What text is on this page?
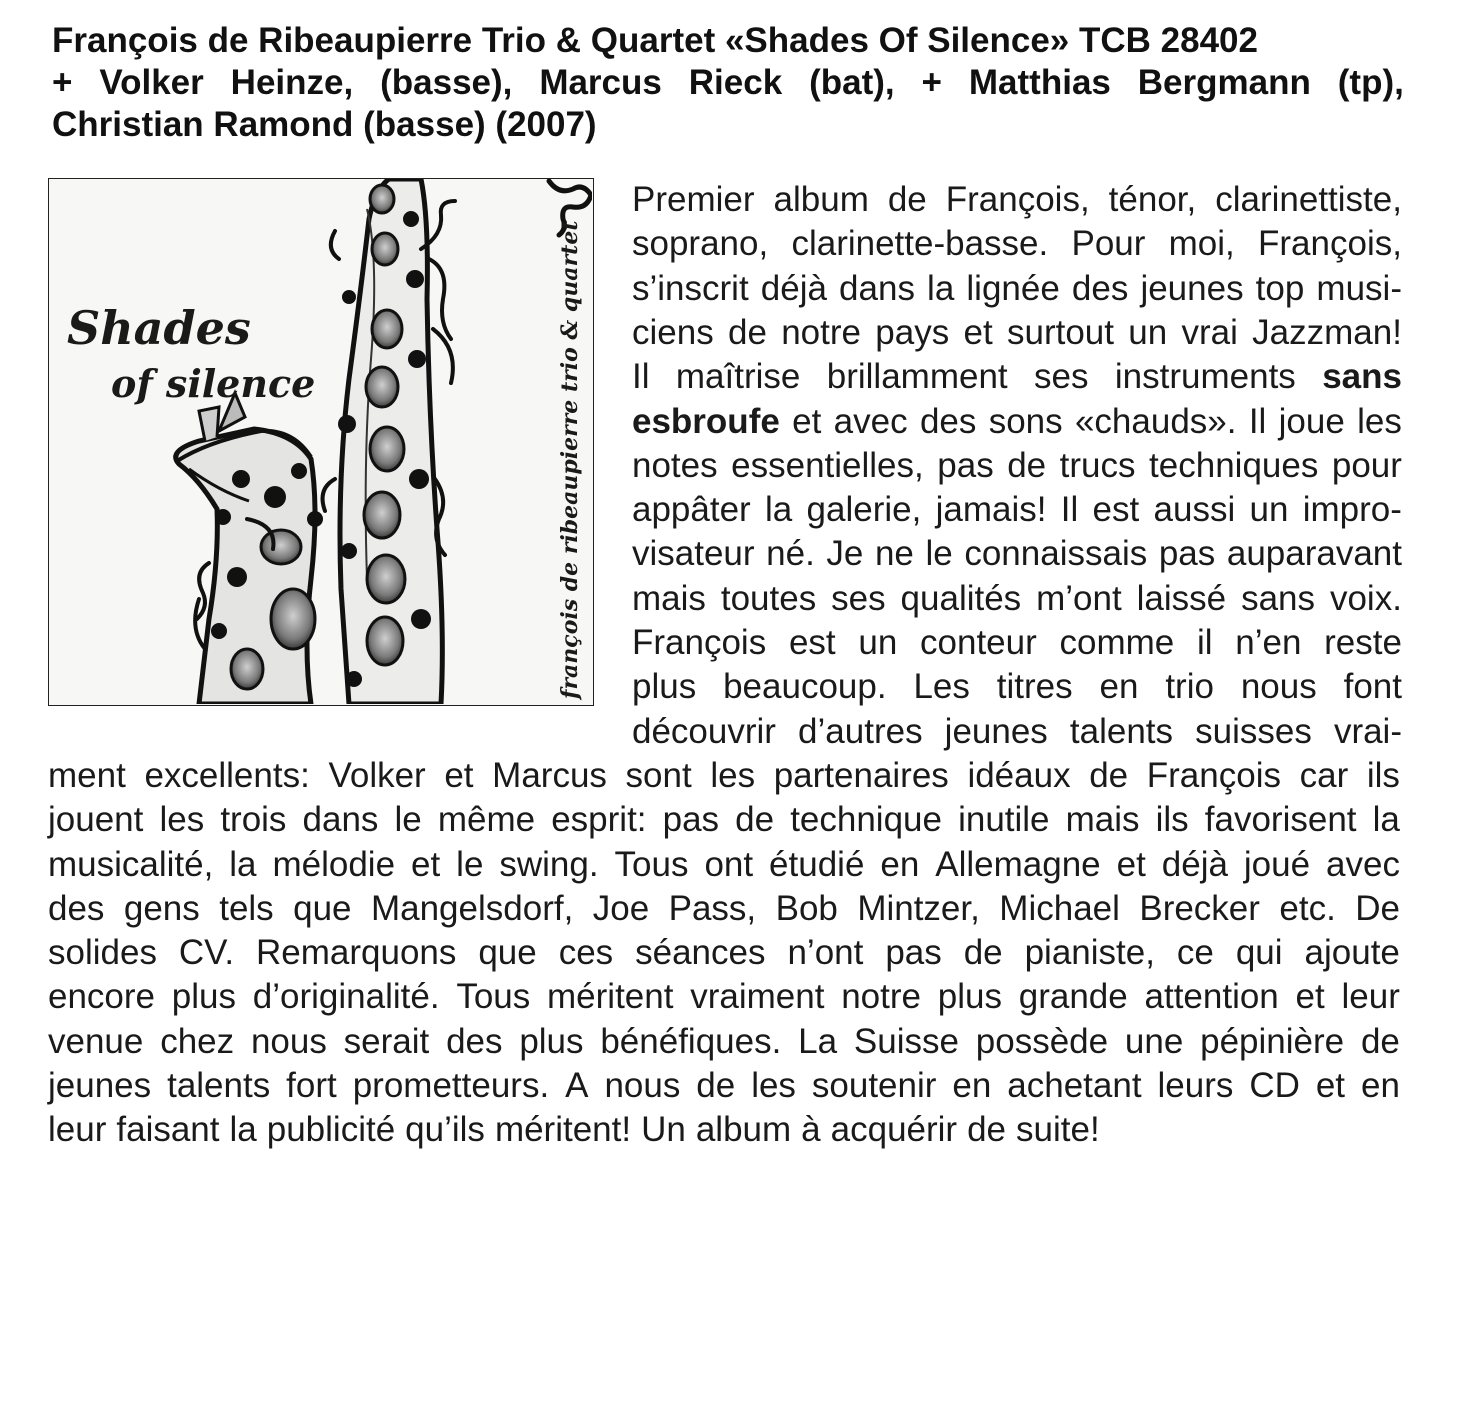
François de Ribeaupierre Trio & Quartet «Shades Of Silence» TCB 28402
+ Volker Heinze, (basse), Marcus Rieck (bat), + Matthias Bergmann (tp),
Christian Ramond (basse) (2007)
Shades
of silence	françois de ribeaupierre trio & quartet
Premier album de François, ténor, clarinettiste,
soprano, clarinette-basse. Pour moi, François,
s’inscrit déjà dans la lignée des jeunes top musi-
ciens de notre pays et surtout un vrai Jazzman!
Il maîtrise brillamment ses instruments sans
esbroufe et avec des sons «chauds». Il joue les
notes essentielles, pas de trucs techniques pour
appâter la galerie, jamais! Il est aussi un impro-
visateur né. Je ne le connaissais pas auparavant
mais toutes ses qualités m’ont laissé sans voix.
François est un conteur comme il n’en reste
plus beaucoup. Les titres en trio nous font
découvrir d’autres jeunes talents suisses vrai-
ment excellents: Volker et Marcus sont les partenaires idéaux de François car ils
jouent les trois dans le même esprit: pas de technique inutile mais ils favorisent la
musicalité, la mélodie et le swing. Tous ont étudié en Allemagne et déjà joué avec
des gens tels que Mangelsdorf, Joe Pass, Bob Mintzer, Michael Brecker etc. De
solides CV. Remarquons que ces séances n’ont pas de pianiste, ce qui ajoute
encore plus d’originalité. Tous méritent vraiment notre plus grande attention et leur
venue chez nous serait des plus bénéfiques. La Suisse possède une pépinière de
jeunes talents fort prometteurs. A nous de les soutenir en achetant leurs CD et en
leur faisant la publicité qu’ils méritent! Un album à acquérir de suite!
